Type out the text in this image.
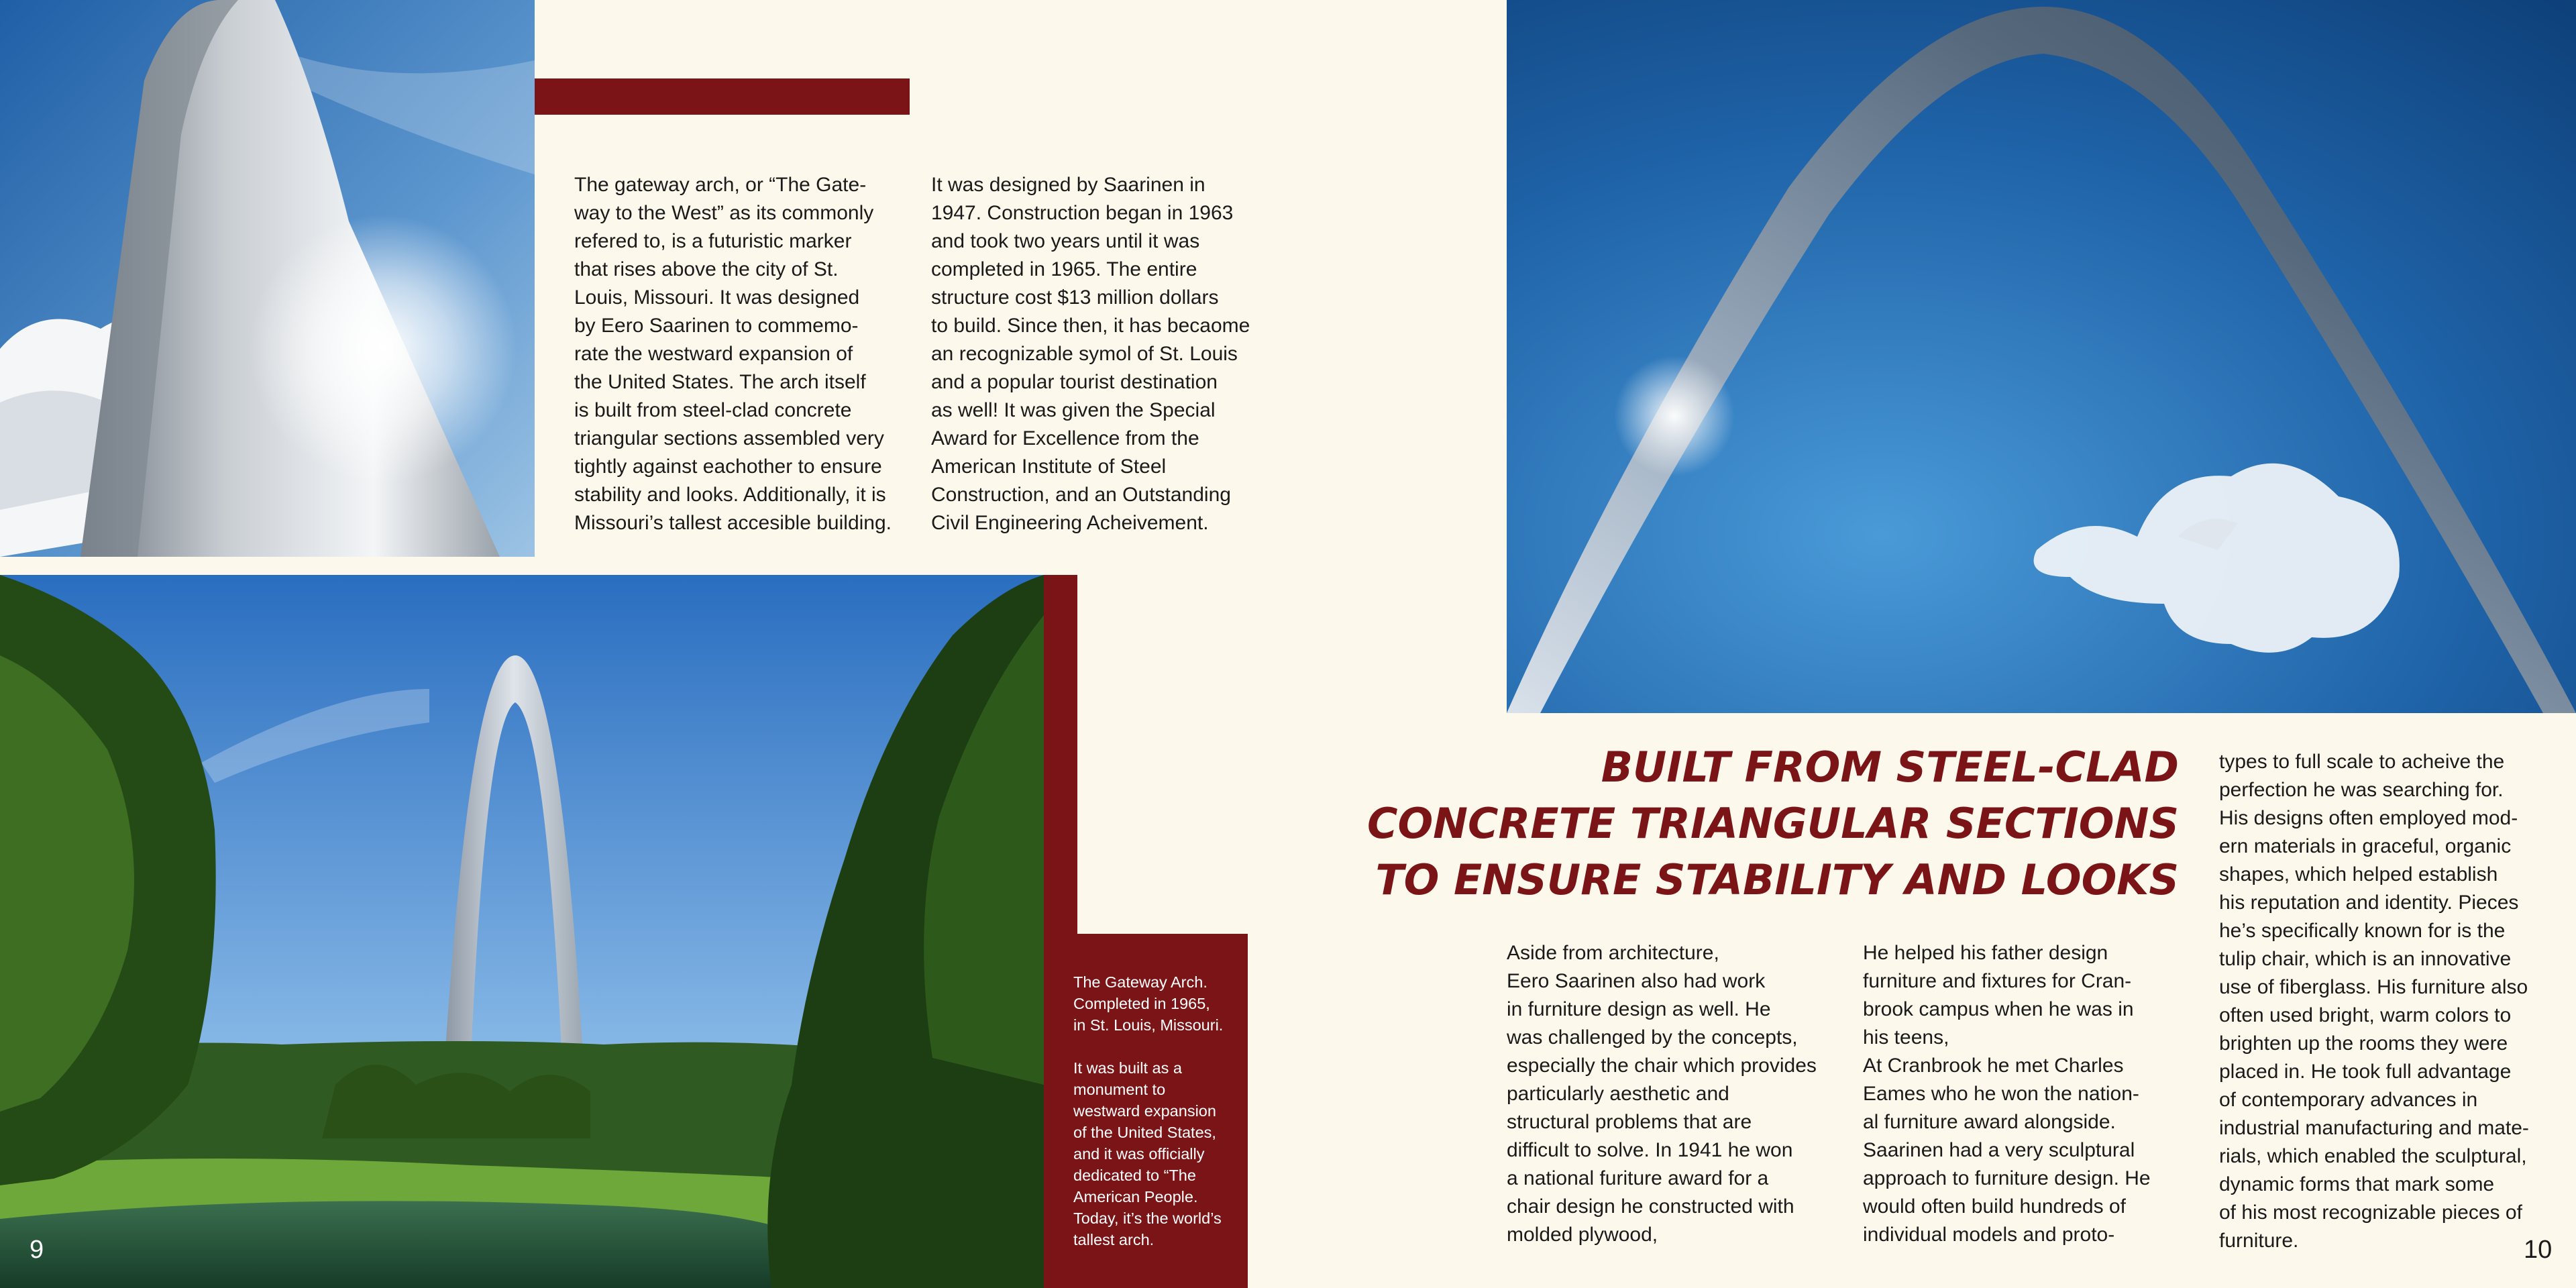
The gateway arch, or “The Gate-
way to the West” as its commonly
refered to, is a futuristic marker
that rises above the city of St.
Louis, Missouri. It was designed
by Eero Saarinen to commemo-
rate the westward expansion of
the United States. The arch itself
is built from steel-clad concrete
triangular sections assembled very
tightly against eachother to ensure
stability and looks. Additionally, it is
Missouri’s tallest accesible building.
It was designed by Saarinen in
1947. Construction began in 1963
and took two years until it was
completed in 1965. The entire
structure cost $13 million dollars
to build. Since then, it has becaome
an recognizable symol of St. Louis
and a popular tourist destination
as well! It was given the Special
Award for Excellence from the
American Institute of Steel
Construction, and an Outstanding
Civil Engineering Acheivement.
The Gateway Arch.
Completed in 1965,
in St. Louis, Missouri.
It was built as a
monument to
westward expansion
of the United States,
and it was officially
dedicated to “The
American People.
Today, it’s the world’s
tallest arch.
9
BUILT FROM STEEL-CLAD
CONCRETE TRIANGULAR SECTIONS
TO ENSURE STABILITY AND LOOKS
Aside from architecture,
Eero Saarinen also had work
in furniture design as well. He
was challenged by the concepts,
especially the chair which provides
particularly aesthetic and
structural problems that are
difficult to solve. In 1941 he won
a national furiture award for a
chair design he constructed with
molded plywood,
He helped his father design
furniture and fixtures for Cran-
brook campus when he was in
his teens,
At Cranbrook he met Charles
Eames who he won the nation-
al furniture award alongside.
Saarinen had a very sculptural
approach to furniture design. He
would often build hundreds of
individual models and proto-
types to full scale to acheive the
perfection he was searching for.
His designs often employed mod-
ern materials in graceful, organic
shapes, which helped establish
his reputation and identity. Pieces
he’s specifically known for is the
tulip chair, which is an innovative
use of fiberglass. His furniture also
often used bright, warm colors to
brighten up the rooms they were
placed in. He took full advantage
of contemporary advances in
industrial manufacturing and mate-
rials, which enabled the sculptural,
dynamic forms that mark some
of his most recognizable pieces of
furniture.	10
